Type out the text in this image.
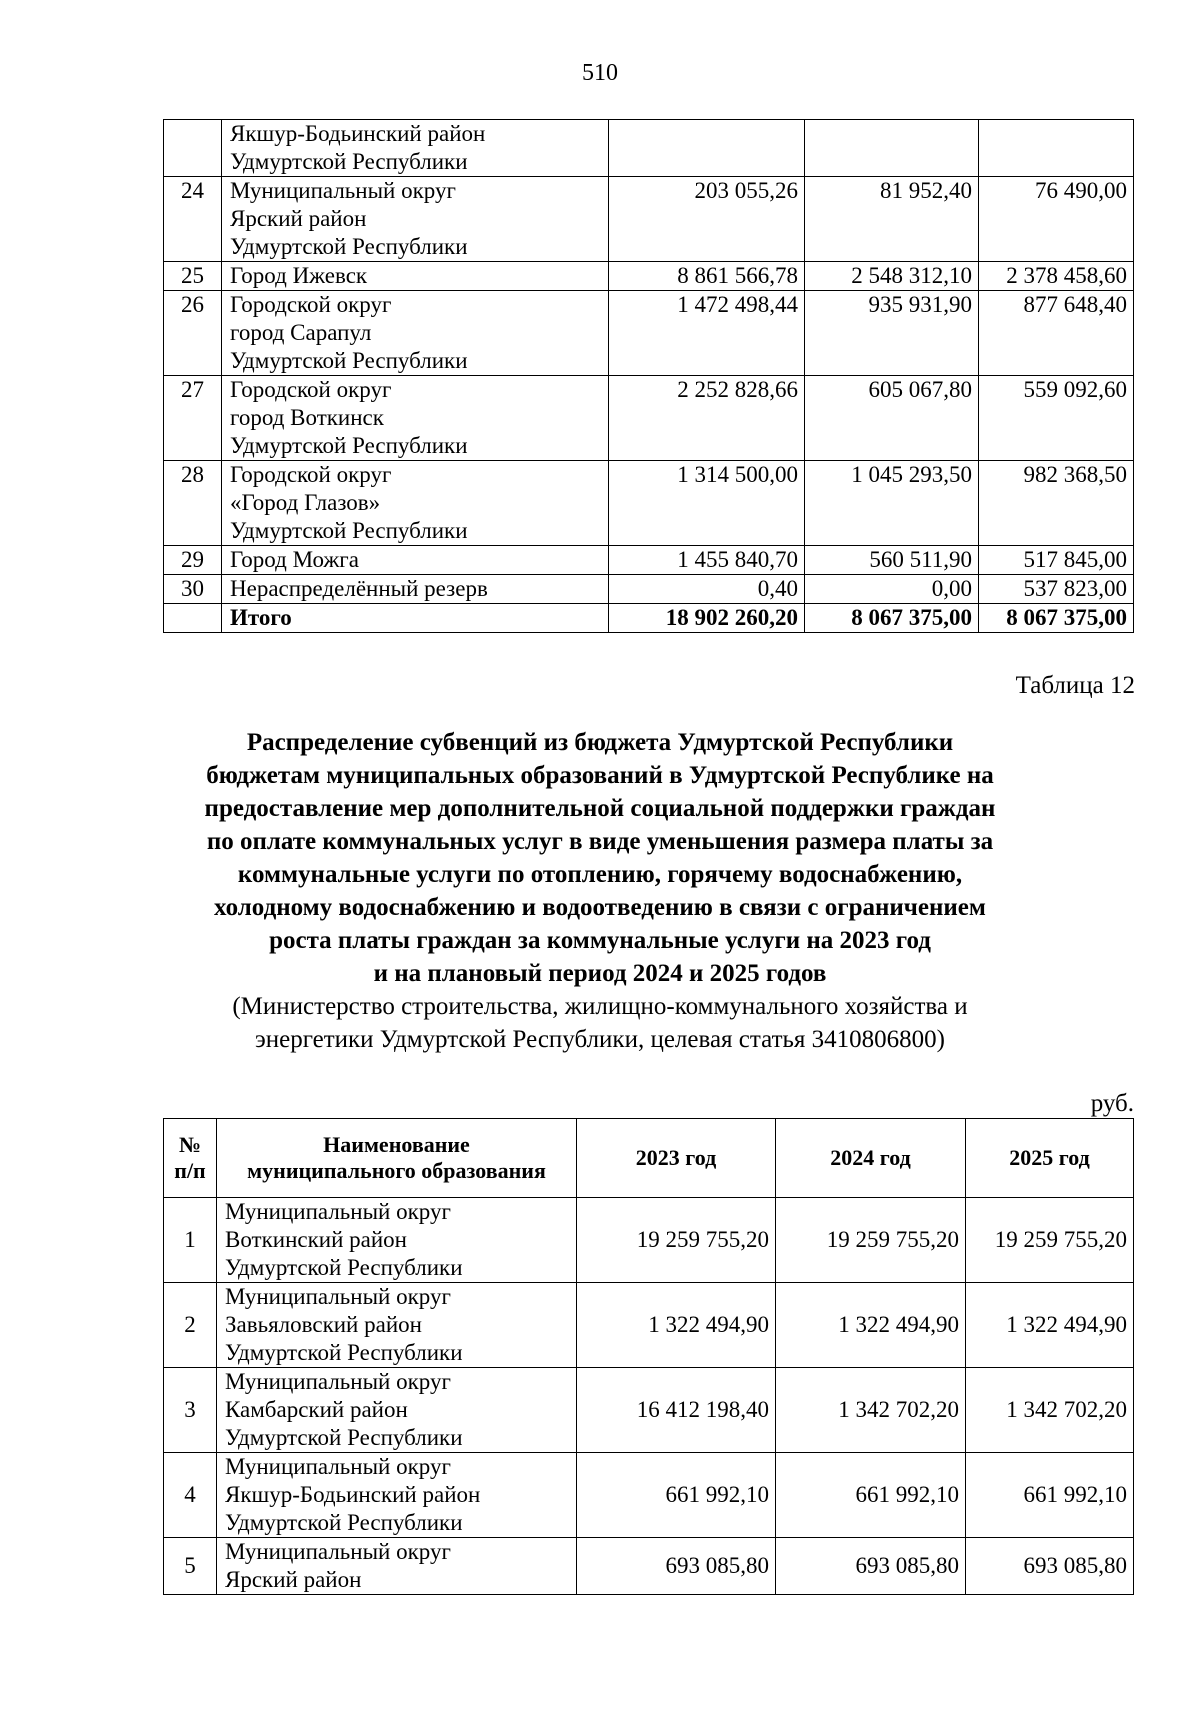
510

	Якшур-Бодьинский район
Удмуртской Республики			

24	Муниципальный округ
Ярский район
Удмуртской Республики	203 055,26	81 952,40	76 490,00
25	Город Ижевск	8 861 566,78	2 548 312,10	2 378 458,60
26	Городской округ
город Сарапул
Удмуртской Республики	1 472 498,44	935 931,90	877 648,40
27	Городской округ
город Воткинск
Удмуртской Республики	2 252 828,66	605 067,80	559 092,60
28	Городской округ
«Город Глазов»
Удмуртской Республики	1 314 500,00	1 045 293,50	982 368,50
29	Город Можга	1 455 840,70	560 511,90	517 845,00
30	Нераспределённый резерв	0,40	0,00	537 823,00
	Итого	18 902 260,20	8 067 375,00	8 067 375,00
Таблица 12
Распределение субвенций из бюджета Удмуртской Республики
бюджетам муниципальных образований в Удмуртской Республике на
предоставление мер дополнительной социальной поддержки граждан
по оплате коммунальных услуг в виде уменьшения размера платы за
коммунальные услуги по отоплению, горячему водоснабжению,
холодному водоснабжению и водоотведению в связи с ограничением
роста платы граждан за коммунальные услуги на 2023 год
и на плановый период 2024 и 2025 годов
(Министерство строительства, жилищно-коммунального хозяйства и
энергетики Удмуртской Республики, целевая статья 3410806800)
руб.
№
п/п	Наименование
муниципального образования	2023 год	2024 год	2025 год
1	Муниципальный округ
Воткинский район
Удмуртской Республики	19 259 755,20	19 259 755,20	19 259 755,20
2	Муниципальный округ
Завьяловский район
Удмуртской Республики	1 322 494,90	1 322 494,90	1 322 494,90
3	Муниципальный округ
Камбарский район
Удмуртской Республики	16 412 198,40	1 342 702,20	1 342 702,20
4	Муниципальный округ
Якшур-Бодьинский район
Удмуртской Республики	661 992,10	661 992,10	661 992,10
5	Муниципальный округ
Ярский район	693 085,80	693 085,80	693 085,80
